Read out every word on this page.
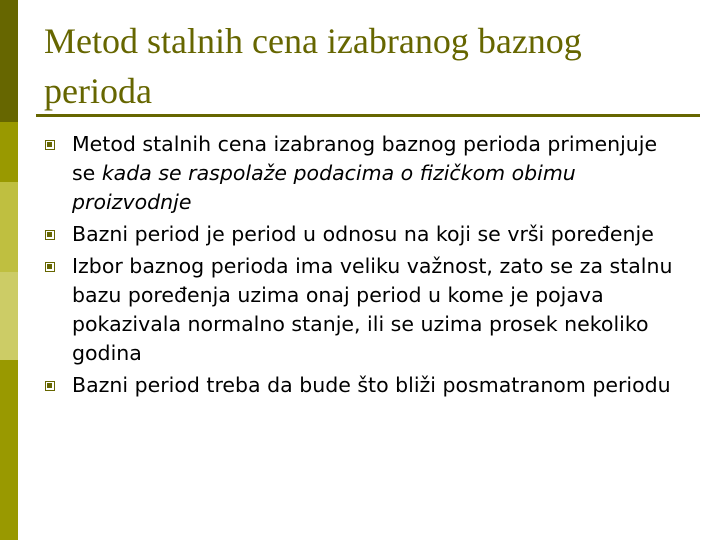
Metod stalnih cena izabranog baznog perioda
Metod stalnih cena izabranog baznog perioda primenjuje se kada se raspolaže podacima o fizičkom obimu proizvodnje
Bazni period je period u odnosu na koji se vrši poređenje
Izbor baznog perioda ima veliku važnost, zato se za stalnu bazu poređenja uzima onaj period u kome je pojava pokazivala normalno stanje, ili se uzima prosek nekoliko godina
Bazni period treba da bude što bliži posmatranom periodu
